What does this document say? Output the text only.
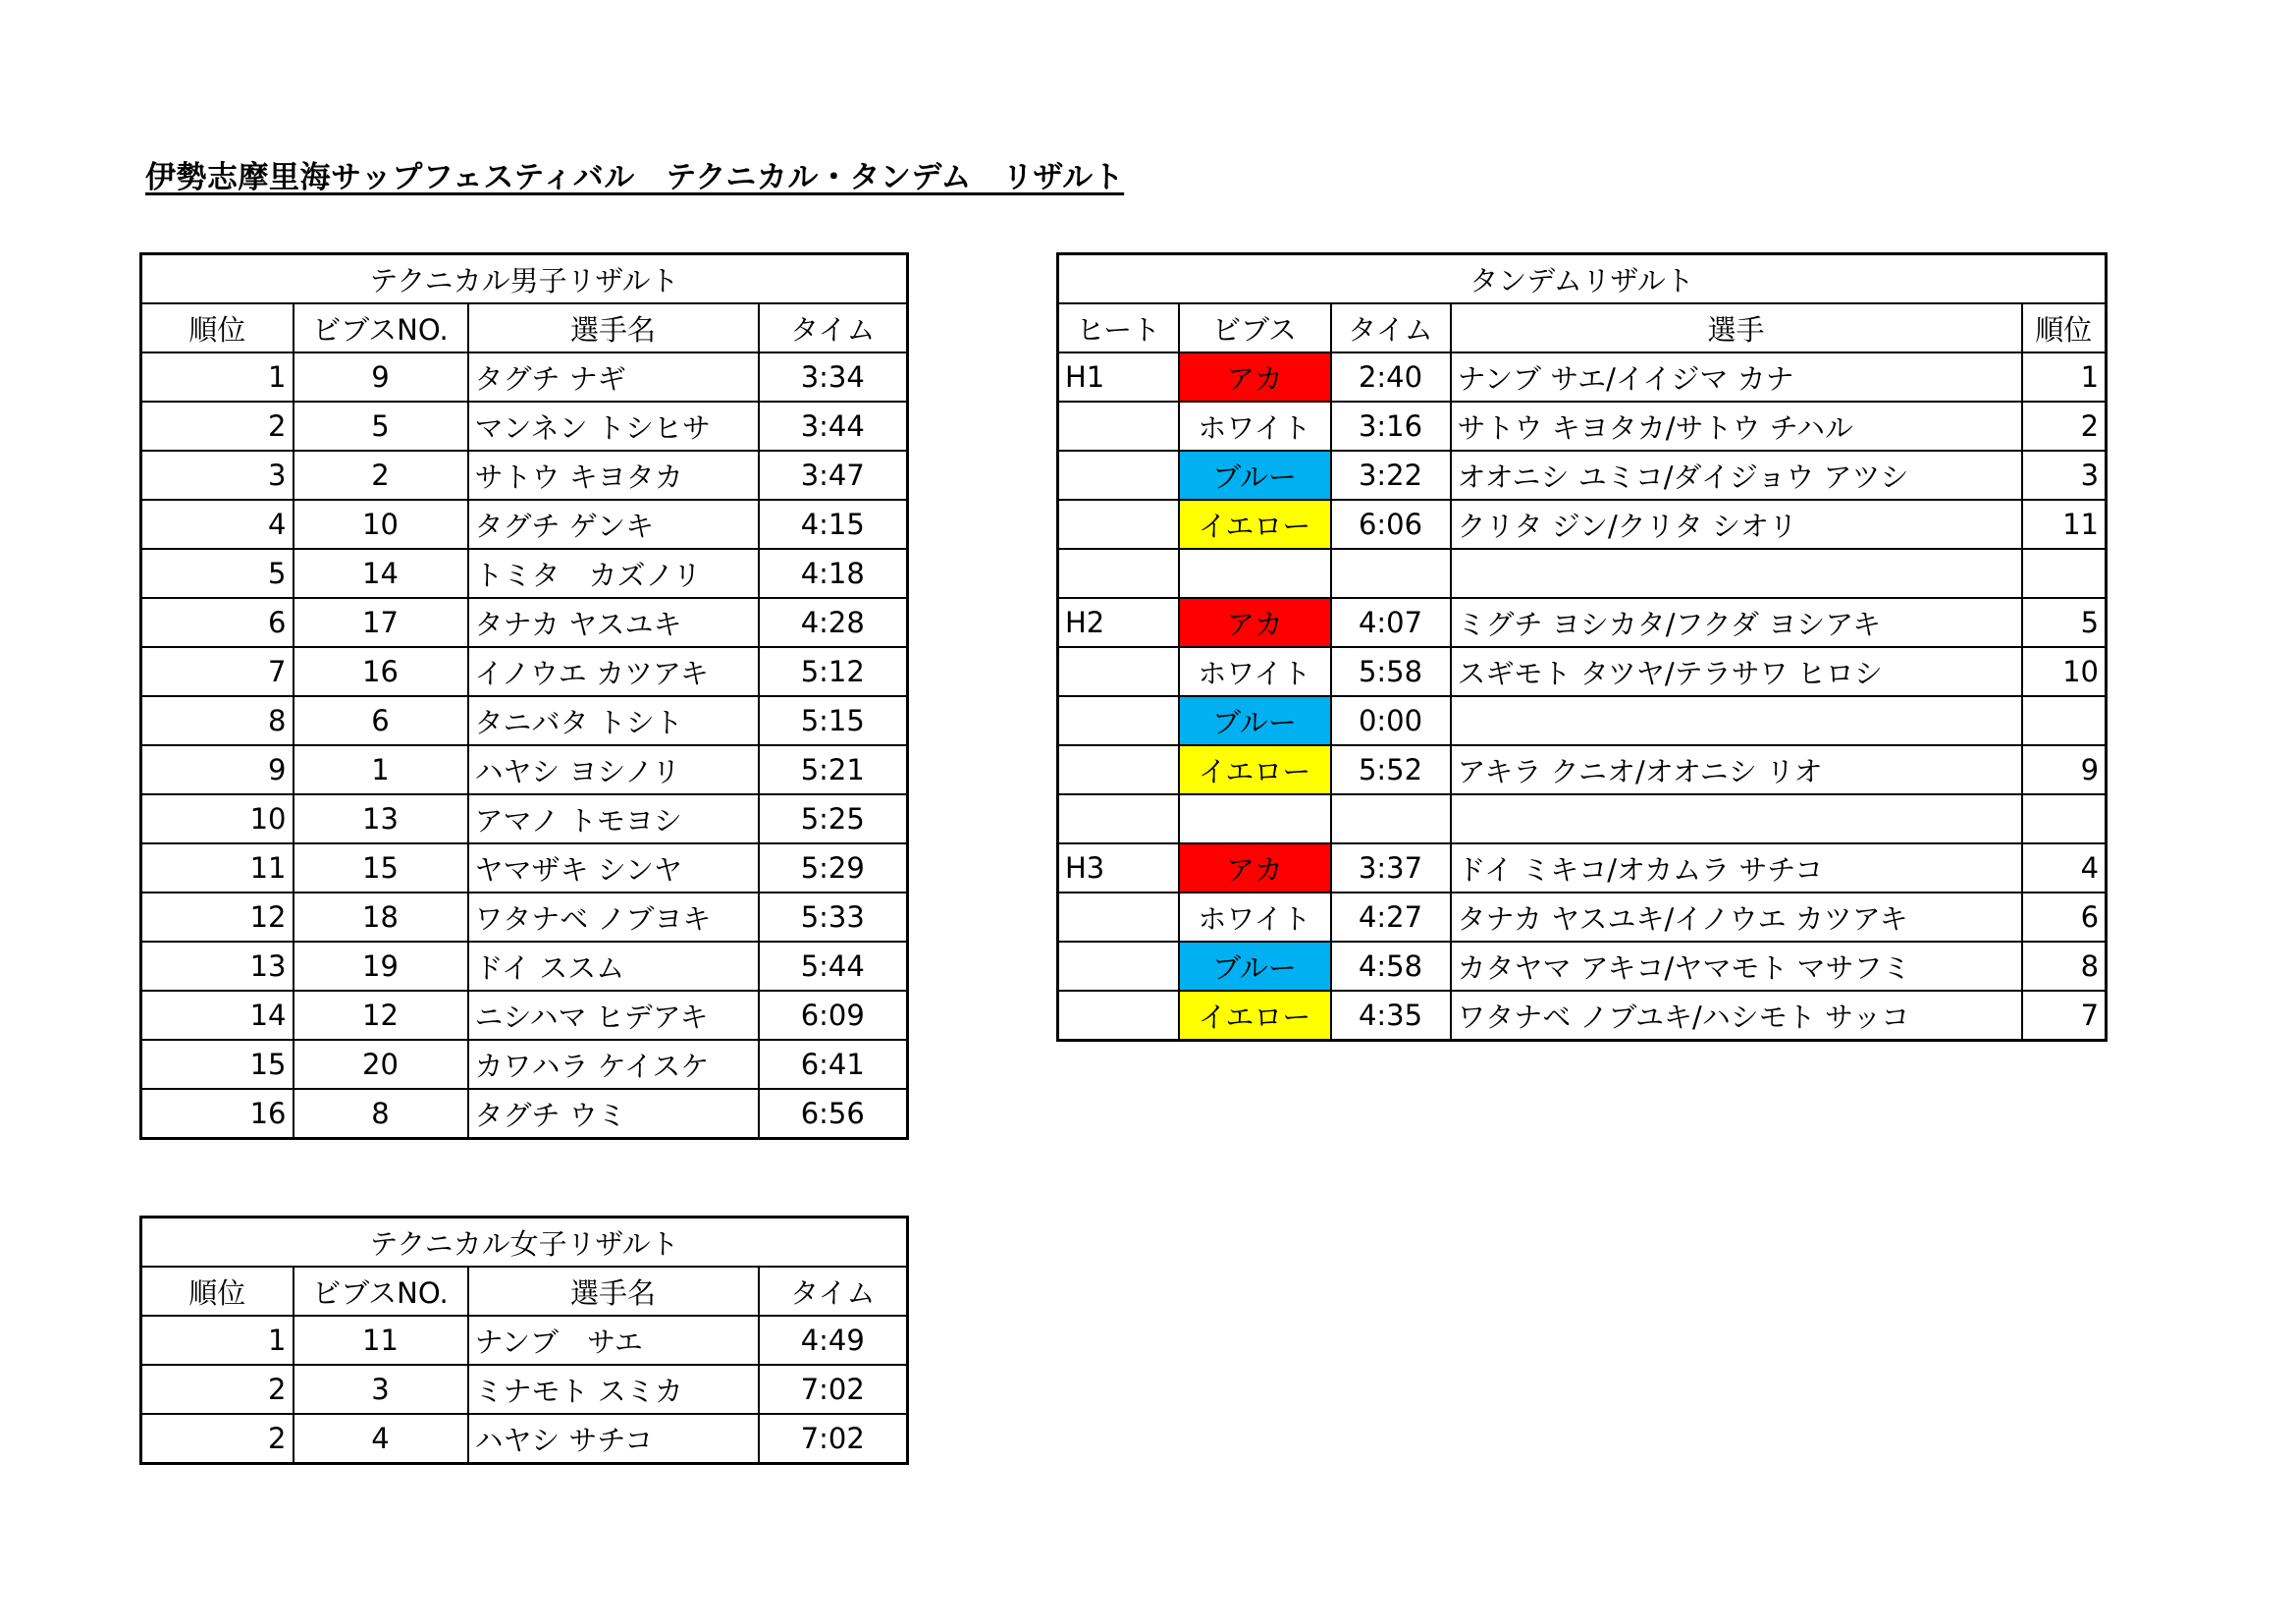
伊勢志摩里海サップフェスティバル　テクニカル・タンデム　リザルト
テクニカル男子リザルト			
順位	ビブスNO.	選手名	タイム
1	9	タグチ ナギ	3:34
2	5	マンネン トシヒサ	3:44
3	2	サトウ キヨタカ	3:47
4	10	タグチ ゲンキ	4:15
5	14	トミタ　カズノリ	4:18
6	17	タナカ ヤスユキ	4:28
7	16	イノウエ カツアキ	5:12
8	6	タニバタ トシト	5:15
9	1	ハヤシ ヨシノリ	5:21
10	13	アマノ トモヨシ	5:25
11	15	ヤマザキ シンヤ	5:29
12	18	ワタナベ ノブヨキ	5:33
13	19	ドイ ススム	5:44
14	12	ニシハマ ヒデアキ	6:09
15	20	カワハラ ケイスケ	6:41
16	8	タグチ ウミ	6:56
テクニカル女子リザルト			
順位	ビブスNO.	選手名	タイム
1	11	ナンブ　サエ	4:49
2	3	ミナモト スミカ	7:02
2	4	ハヤシ サチコ	7:02
タンデムリザルト				
ヒート	ビブス	タイム	選手	順位
H1	アカ	2:40	ナンブ サエ/イイジマ カナ	1
	ホワイト	3:16	サトウ キヨタカ/サトウ チハル	2
	ブルー	3:22	オオニシ ユミコ/ダイジョウ アツシ	3
	イエロー	6:06	クリタ ジン/クリタ シオリ	11

H2	アカ	4:07	ミグチ ヨシカタ/フクダ ヨシアキ	5
	ホワイト	5:58	スギモト タツヤ/テラサワ ヒロシ	10
	ブルー	0:00		
	イエロー	5:52	アキラ クニオ/オオニシ リオ	9

H3	アカ	3:37	ドイ ミキコ/オカムラ サチコ	4
	ホワイト	4:27	タナカ ヤスユキ/イノウエ カツアキ	6
	ブルー	4:58	カタヤマ アキコ/ヤマモト マサフミ	8
	イエロー	4:35	ワタナベ ノブユキ/ハシモト サッコ	7
